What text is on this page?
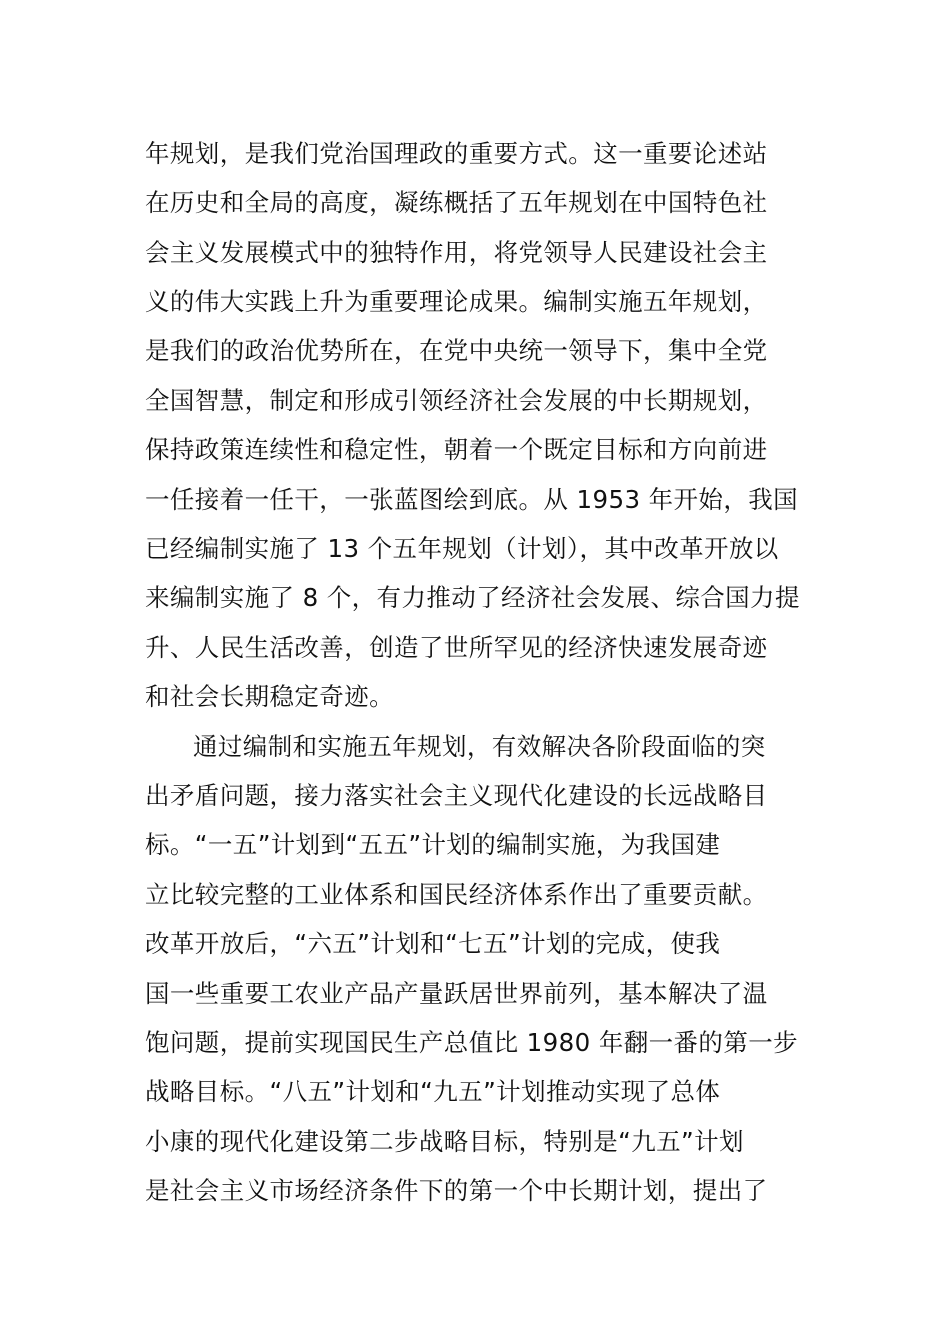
年规划，是我们党治国理政的重要方式。这一重要论述站
在历史和全局的高度，凝练概括了五年规划在中国特色社
会主义发展模式中的独特作用，将党领导人民建设社会主
义的伟大实践上升为重要理论成果。编制实施五年规划，
是我们的政治优势所在，在党中央统一领导下，集中全党
全国智慧，制定和形成引领经济社会发展的中长期规划，
保持政策连续性和稳定性，朝着一个既定目标和方向前进
一任接着一任干，一张蓝图绘到底。从 1953 年开始，我国
已经编制实施了 13 个五年规划（计划），其中改革开放以
来编制实施了 8 个，有力推动了经济社会发展、综合国力提
升、人民生活改善，创造了世所罕见的经济快速发展奇迹
和社会长期稳定奇迹。
通过编制和实施五年规划，有效解决各阶段面临的突
出矛盾问题，接力落实社会主义现代化建设的长远战略目
标。“一五”计划到“五五”计划的编制实施，为我国建
立比较完整的工业体系和国民经济体系作出了重要贡献。
改革开放后，“六五”计划和“七五”计划的完成，使我
国一些重要工农业产品产量跃居世界前列，基本解决了温
饱问题，提前实现国民生产总值比 1980 年翻一番的第一步
战略目标。“八五”计划和“九五”计划推动实现了总体
小康的现代化建设第二步战略目标，特别是“九五”计划
是社会主义市场经济条件下的第一个中长期计划，提出了
